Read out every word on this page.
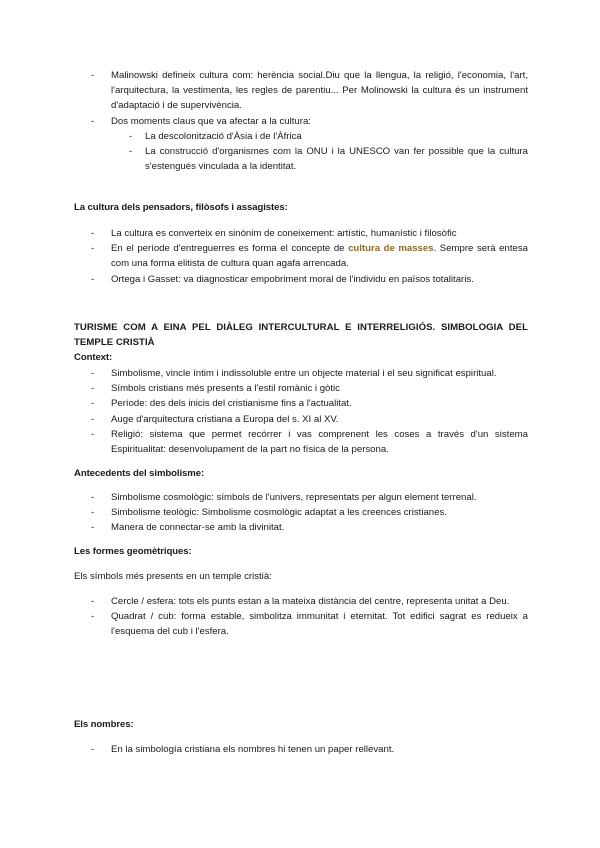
- Malinowski defineix cultura com: herència social.Diu que la llengua, la religió, l'economia, l'art, l'arquitectura, la vestimenta, les regles de parentiu... Per Molinowski la cultura és un instrument d'adaptació i de supervivència.
- Dos moments claus que va afectar a la cultura:
- La descolonització d'Àsia i de l'Àfrica
- La construcció d'organismes com la ONU i la UNESCO van fer possible que la cultura s'estengués vinculada a la identitat.
La cultura dels pensadors, filòsofs i assagistes:
- La cultura es converteix en sinònim de coneixement: artístic, humanístic i filosòfic
- En el període d'entreguerres es forma el concepte de cultura de masses. Sempre serà entesa com una forma elitista de cultura quan agafa arrencada.
- Ortega i Gasset: va diagnosticar empobriment moral de l'individu en països totalitaris.
TURISME COM A EINA PEL DIÀLEG INTERCULTURAL E INTERRELIGIÓS. SIMBOLOGIA DEL TEMPLE CRISTIÀ
Context:
- Simbolisme, vincle íntim i indissoluble entre un objecte material i el seu significat espiritual.
- Símbols cristians més presents a l'estil romànic i gòtic
- Període: des dels inicis del cristianisme fins a l'actualitat.
- Auge d'arquitectura cristiana a Europa del s. XI al XV.
- Religió: sistema que permet recórrer i vas comprenent les coses a través d'un sistema Espiritualitat: desenvolupament de la part no física de la persona.
Antecedents del simbolisme:
- Simbolisme cosmològic: símbols de l'univers, representats per algun element terrenal.
- Simbolisme teològic: Simbolisme cosmològic adaptat a les creences cristianes.
- Manera de connectar-se amb la divinitat.
Les formes geomètriques:
Els símbols més presents en un temple cristià:
- Cercle / esfera: tots els punts estan a la mateixa distància del centre, representa unitat a Deu.
- Quadrat / cub: forma estable, simbolitza immunitat i eternitat. Tot edifici sagrat es redueix a l'esquema del cub i l'esfera.
Els nombres:
- En la simbología cristiana els nombres hi tenen un paper rellevant.
